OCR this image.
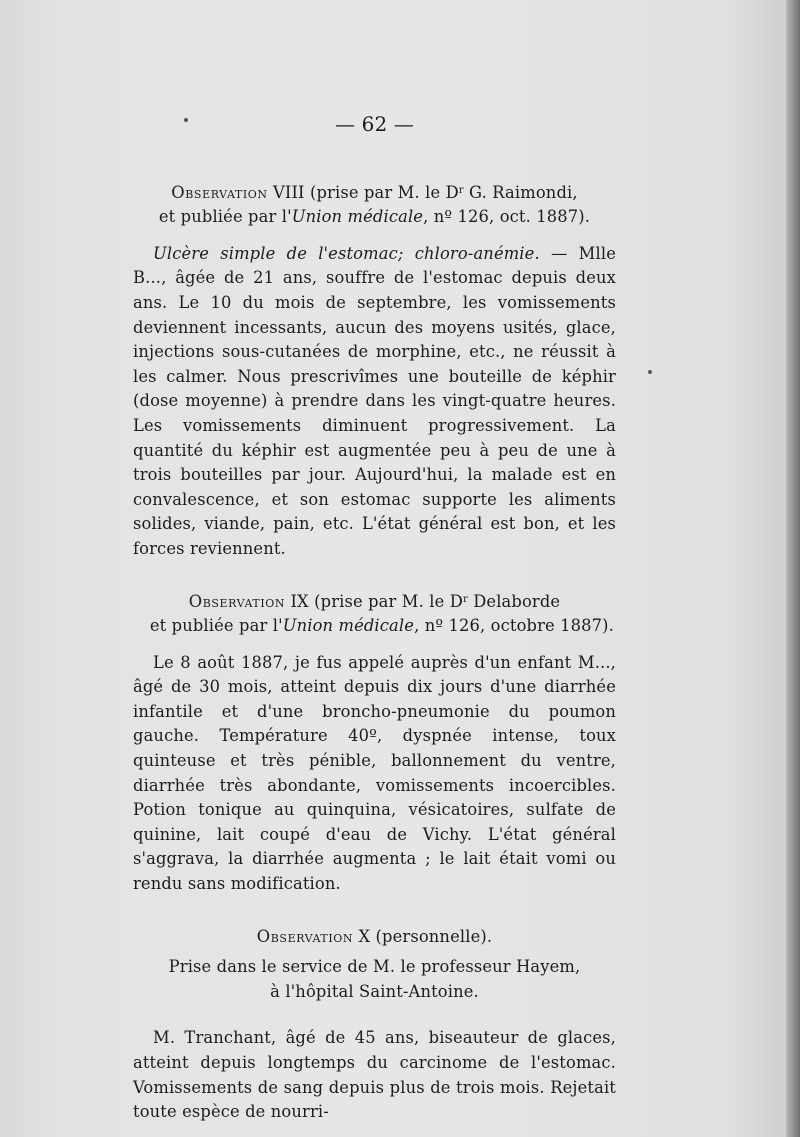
— 62 —

Observation VIII (prise par M. le $D^r$ G. Raimondi,

et publiée par l'Union médicale, nº 126, oct. 1887).

Ulcère simple de l'estomac; chloro-anémie. — Mlle B..., âgée de 21 ans, souffre de l'estomac depuis deux ans. Le 10 du mois de septembre, les vomissements deviennent incessants, aucun des moyens usités, glace, injections sous-cutanées de morphine, etc., ne réussit à les calmer. Nous prescrivîmes une bouteille de képhir (dose moyenne) à prendre dans les vingt-quatre heures. Les vomissements diminuent progressivement. La quantité du képhir est augmentée peu à peu de une à trois bouteilles par jour. Aujourd'hui, la malade est en convalescence, et son estomac supporte les aliments solides, viande, pain, etc. L'état général est bon, et les forces reviennent.

Observation IX (prise par M. le $D^r$ Delaborde

et publiée par l'Union médicale, nº 126, octobre 1887).

Le 8 août 1887, je fus appelé auprès d'un enfant M..., âgé de 30 mois, atteint depuis dix jours d'une diarrhée infantile et d'une broncho-pneumonie du poumon gauche. Température 40º, dyspnée intense, toux quinteuse et très pénible, ballonnement du ventre, diarrhée très abondante, vomissements incoercibles. Potion tonique au quinquina, vésicatoires, sulfate de quinine, lait coupé d'eau de Vichy. L'état général s'aggrava, la diarrhée augmenta ; le lait était vomi ou rendu sans modification.

Observation X (personnelle).

Prise dans le service de M. le professeur Hayem,

à l'hôpital Saint-Antoine.

M. Tranchant, âgé de 45 ans, biseauteur de glaces, atteint depuis longtemps du carcinome de l'estomac. Vomissements de sang depuis plus de trois mois. Rejetait toute espèce de nourri-
